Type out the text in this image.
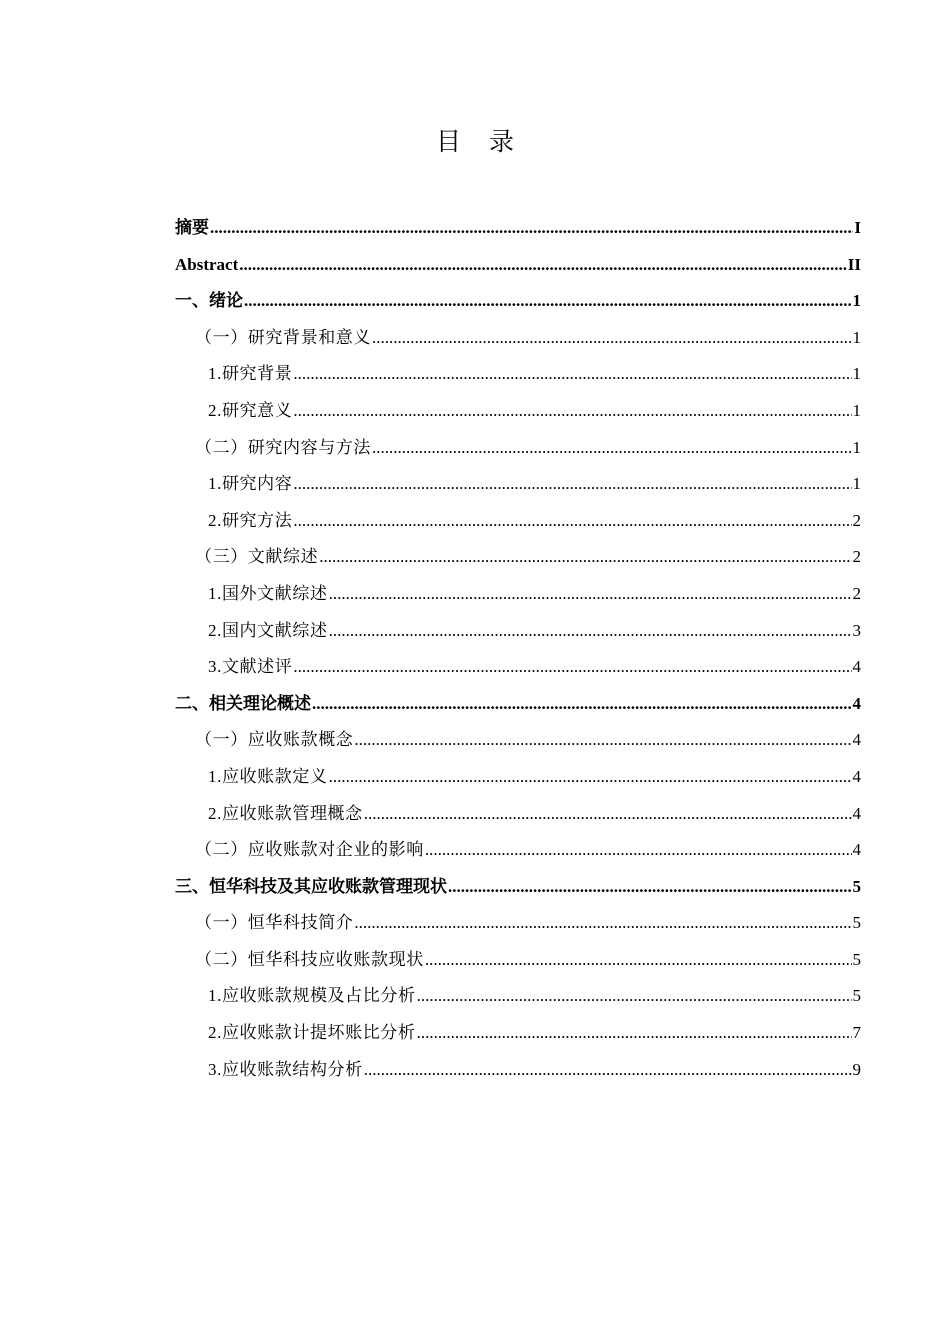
目 录
摘要 .....	I
Abstract .....	II
一、绪论 .....	1
（一）研究背景和意义 .....	1
1.研究背景 .....	1
2.研究意义 .....	1
（二）研究内容与方法 .....	1
1.研究内容 .....	1
2.研究方法 .....	2
（三）文献综述 .....	2
1.国外文献综述 .....	2
2.国内文献综述 .....	3
3.文献述评 .....	4
二、相关理论概述 .....	4
（一）应收账款概念 .....	4
1.应收账款定义 .....	4
2.应收账款管理概念 .....	4
（二）应收账款对企业的影响 .....	4
三、恒华科技及其应收账款管理现状 .....	5
（一）恒华科技简介 .....	5
（二）恒华科技应收账款现状 .....	5
1.应收账款规模及占比分析 .....	5
2.应收账款计提坏账比分析 .....	7
3.应收账款结构分析 .....	9
